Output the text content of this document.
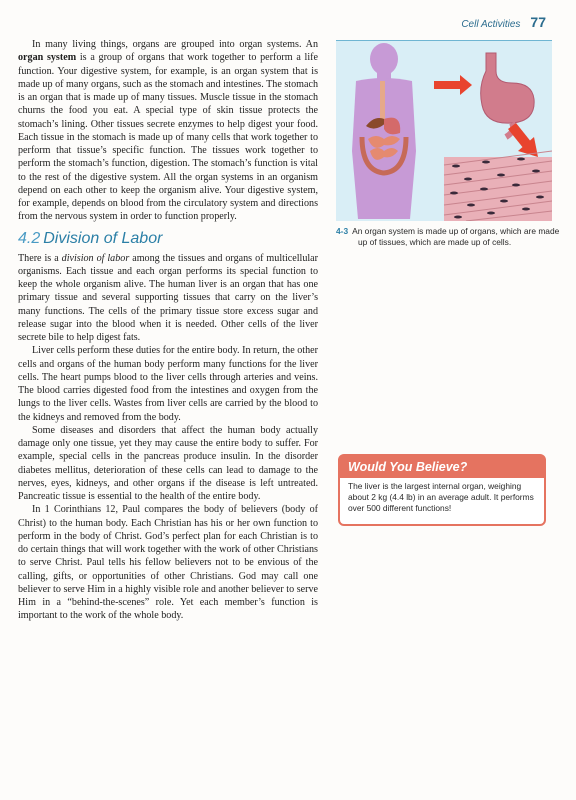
Cell Activities 77

In many living things, organs are grouped into organ systems. An organ system is a group of organs that work together to perform a life function. Your digestive system, for example, is an organ system that is made up of many organs, such as the stomach and intestines. The stomach is an organ that is made up of many tissues. Muscle tissue in the stomach churns the food you eat. A special type of skin tissue protects the stomach’s lining. Other tissues secrete enzymes to help digest your food. Each tissue in the stomach is made up of many cells that work together to perform that tissue’s specific function. The tissues work together to perform the stomach’s function, digestion. The stomach’s function is vital to the rest of the digestive system. All the organ systems in an organism depend on each other to keep the organism alive. Your digestive system, for example, depends on blood from the circulatory system and directions from the nervous system in order to function properly.

4.2 Division of Labor

There is a division of labor among the tissues and organs of multicellular organisms. Each tissue and each organ performs its special function to keep the whole organism alive. The human liver is an organ that has one primary tissue and several supporting tissues that carry on the liver’s many functions. The cells of the primary tissue store excess sugar and release sugar into the blood when it is needed. Other cells of the liver secrete bile to help digest fats.

Liver cells perform these duties for the entire body. In return, the other cells and organs of the human body perform many functions for the liver cells. The heart pumps blood to the liver cells through arteries and veins. The blood carries digested food from the intestines and oxygen from the lungs to the liver cells. Wastes from liver cells are carried by the blood to the kidneys and removed from the body.

Some diseases and disorders that affect the human body actually damage only one tissue, yet they may cause the entire body to suffer. For example, special cells in the pancreas produce insulin. In the disorder diabetes mellitus, deterioration of these cells can lead to damage to the nerves, eyes, kidneys, and other organs if the disease is left untreated. Pancreatic tissue is essential to the health of the entire body.

In 1 Corinthians 12, Paul compares the body of believers (body of Christ) to the human body. Each Christian has his or her own function to perform in the body of Christ. God’s perfect plan for each Christian is to do certain things that will work together with the work of other Christians to serve Christ. Paul tells his fellow believers not to be envious of the calling, gifts, or opportunities of other Christians. God may call one believer to serve Him in a highly visible role and another believer to serve Him in a “behind-the-scenes” role. Yet each member’s function is important to the work of the whole body.

4-3 An organ system is made up of organs, which are made up of tissues, which are made up of cells.
Would You Believe?
The liver is the largest internal organ, weighing about 2 kg (4.4 lb) in an average adult. It performs over 500 different functions!
